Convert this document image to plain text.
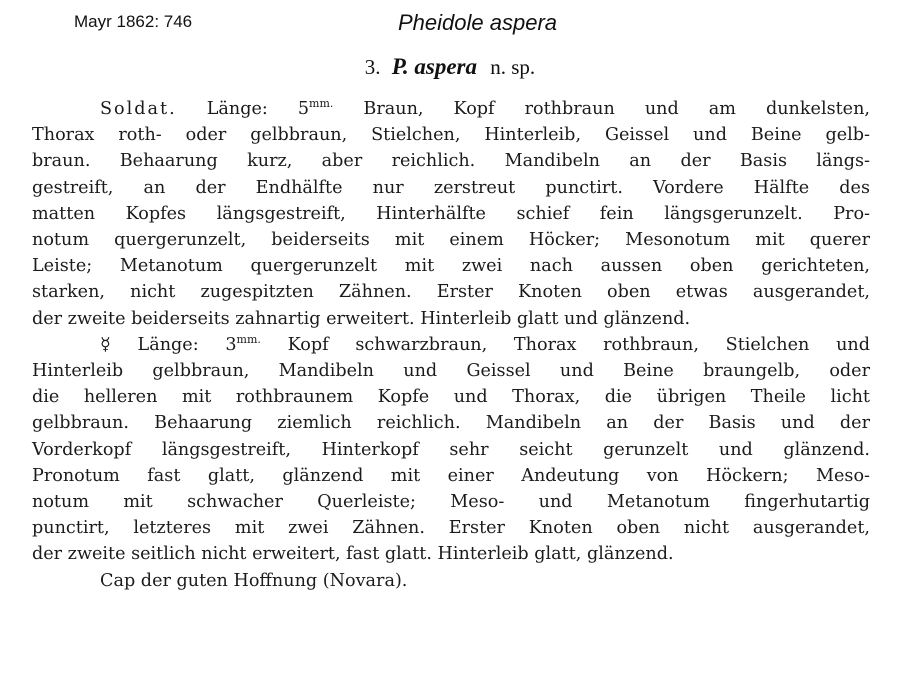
Mayr 1862: 746	Pheidole aspera
3. P. aspera n. sp.
Soldat. Länge: $5^{mm.}$ Braun, Kopf rothbraun und am dunkelsten,
Thorax roth- oder gelbbraun, Stielchen, Hinterleib, Geissel und Beine gelb-
braun. Behaarung kurz, aber reichlich. Mandibeln an der Basis längs-
gestreift, an der Endhälfte nur zerstreut punctirt. Vordere Hälfte des
matten Kopfes längsgestreift, Hinterhälfte schief fein längsgerunzelt. Pro-
notum quergerunzelt, beiderseits mit einem Höcker; Mesonotum mit querer
Leiste; Metanotum quergerunzelt mit zwei nach aussen oben gerichteten,
starken, nicht zugespitzten Zähnen. Erster Knoten oben etwas ausgerandet,
der zweite beiderseits zahnartig erweitert. Hinterleib glatt und glänzend.
☿ Länge: $3^{mm.}$ Kopf schwarzbraun, Thorax rothbraun, Stielchen und
Hinterleib gelbbraun, Mandibeln und Geissel und Beine braungelb, oder
die helleren mit rothbraunem Kopfe und Thorax, die übrigen Theile licht
gelbbraun. Behaarung ziemlich reichlich. Mandibeln an der Basis und der
Vorderkopf längsgestreift, Hinterkopf sehr seicht gerunzelt und glänzend.
Pronotum fast glatt, glänzend mit einer Andeutung von Höckern; Meso-
notum mit schwacher Querleiste; Meso- und Metanotum fingerhutartig
punctirt, letzteres mit zwei Zähnen. Erster Knoten oben nicht ausgerandet,
der zweite seitlich nicht erweitert, fast glatt. Hinterleib glatt, glänzend.
Cap der guten Hoffnung (Novara).
